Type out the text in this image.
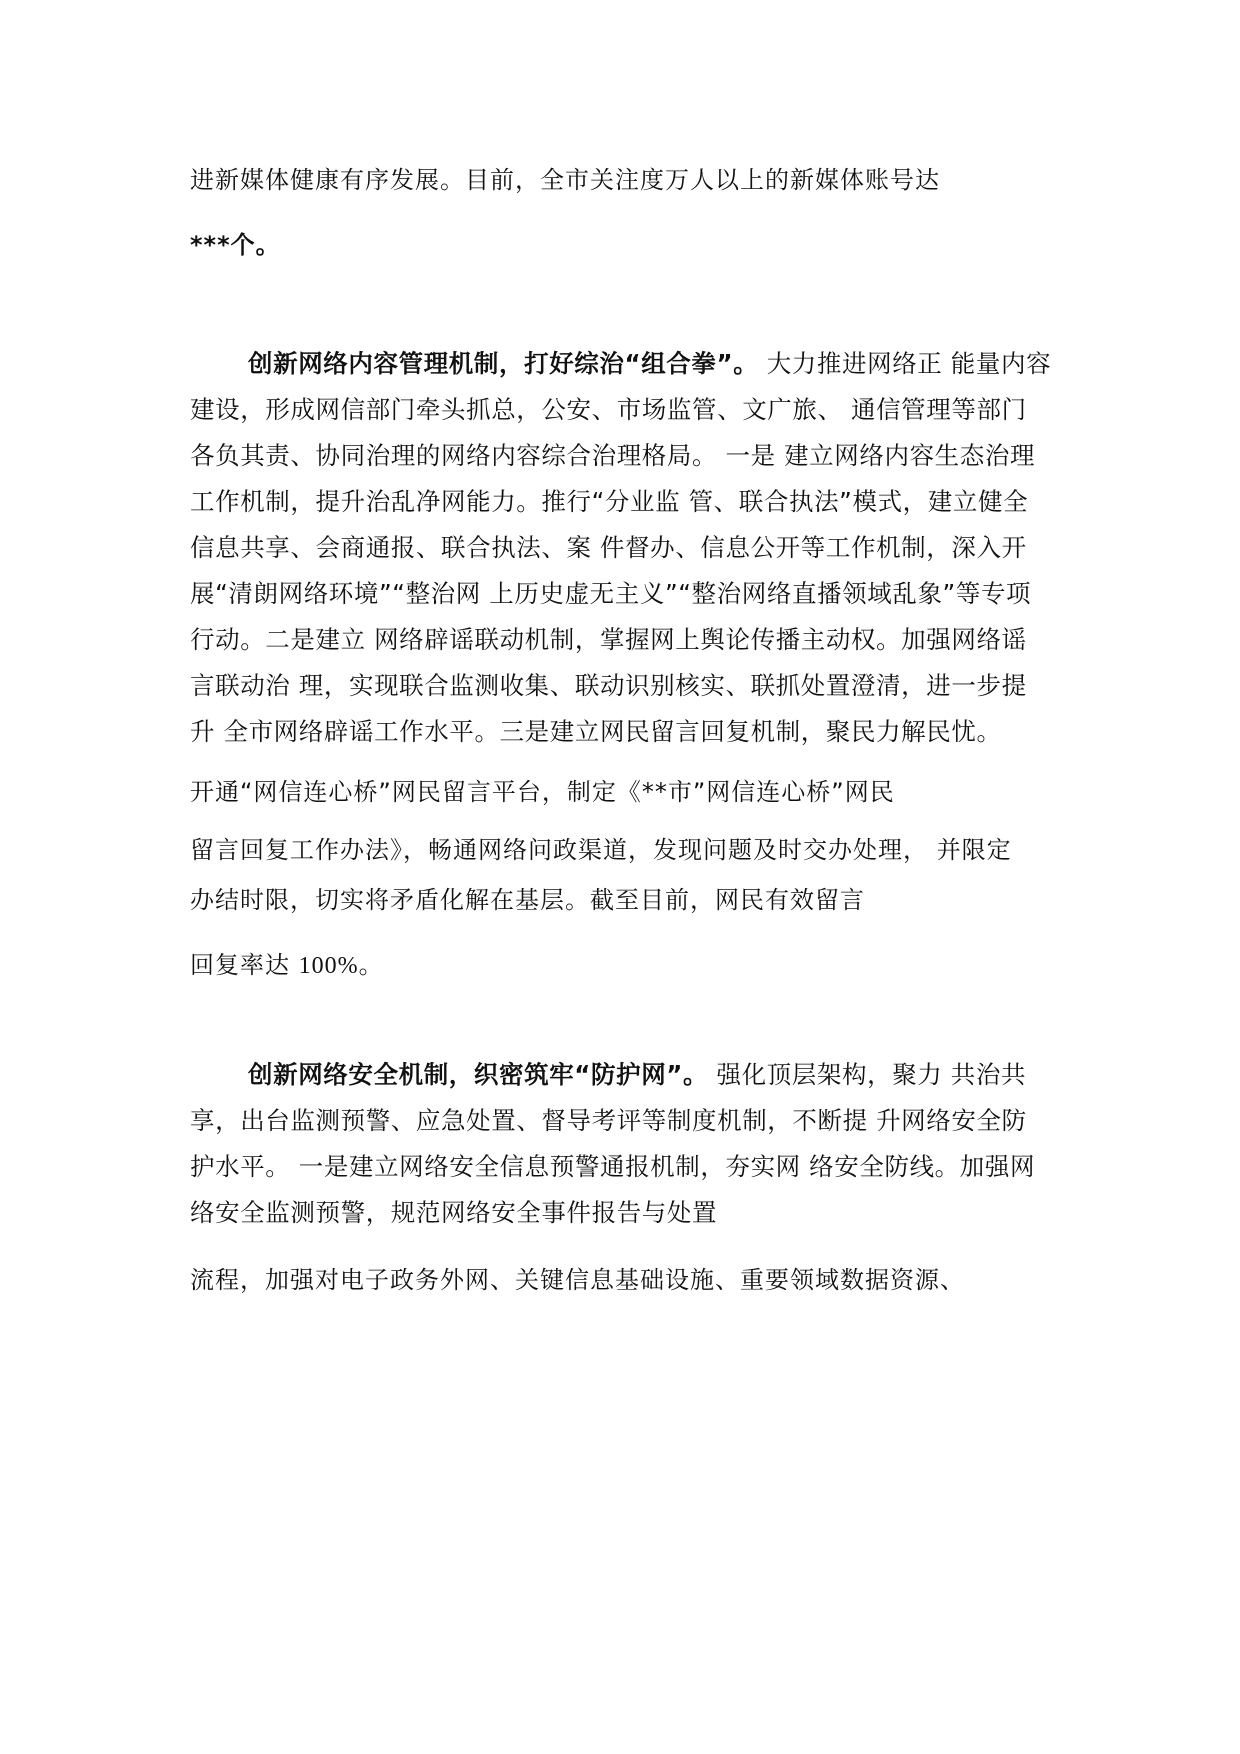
进新媒体健康有序发展。目前，全市关注度万人以上的新媒体账号达

***个。

创新网络内容管理机制，打好综治“组合拳”。 大力推进网络正 能量内容

建设，形成网信部门牵头抓总，公安、市场监管、文广旅、 通信管理等部门

各负其责、协同治理的网络内容综合治理格局。 一是 建立网络内容生态治理

工作机制，提升治乱净网能力。推行“分业监 管、联合执法”模式，建立健全

信息共享、会商通报、联合执法、案 件督办、信息公开等工作机制，深入开

展“清朗网络环境”“整治网 上历史虚无主义”“整治网络直播领域乱象”等专项

行动。二是建立 网络辟谣联动机制，掌握网上舆论传播主动权。加强网络谣

言联动治 理，实现联合监测收集、联动识别核实、联抓处置澄清，进一步提

升 全市网络辟谣工作水平。三是建立网民留言回复机制，聚民力解民忧。

开通“网信连心桥”网民留言平台，制定《**市”网信连心桥”网民

留言回复工作办法》，畅通网络问政渠道，发现问题及时交办处理， 并限定

办结时限，切实将矛盾化解在基层。截至目前，网民有效留言

回复率达 100%。

创新网络安全机制，织密筑牢“防护网”。 强化顶层架构，聚力 共治共

享，出台监测预警、应急处置、督导考评等制度机制，不断提 升网络安全防

护水平。 一是建立网络安全信息预警通报机制，夯实网 络安全防线。加强网

络安全监测预警，规范网络安全事件报告与处置

流程，加强对电子政务外网、关键信息基础设施、重要领域数据资源、
